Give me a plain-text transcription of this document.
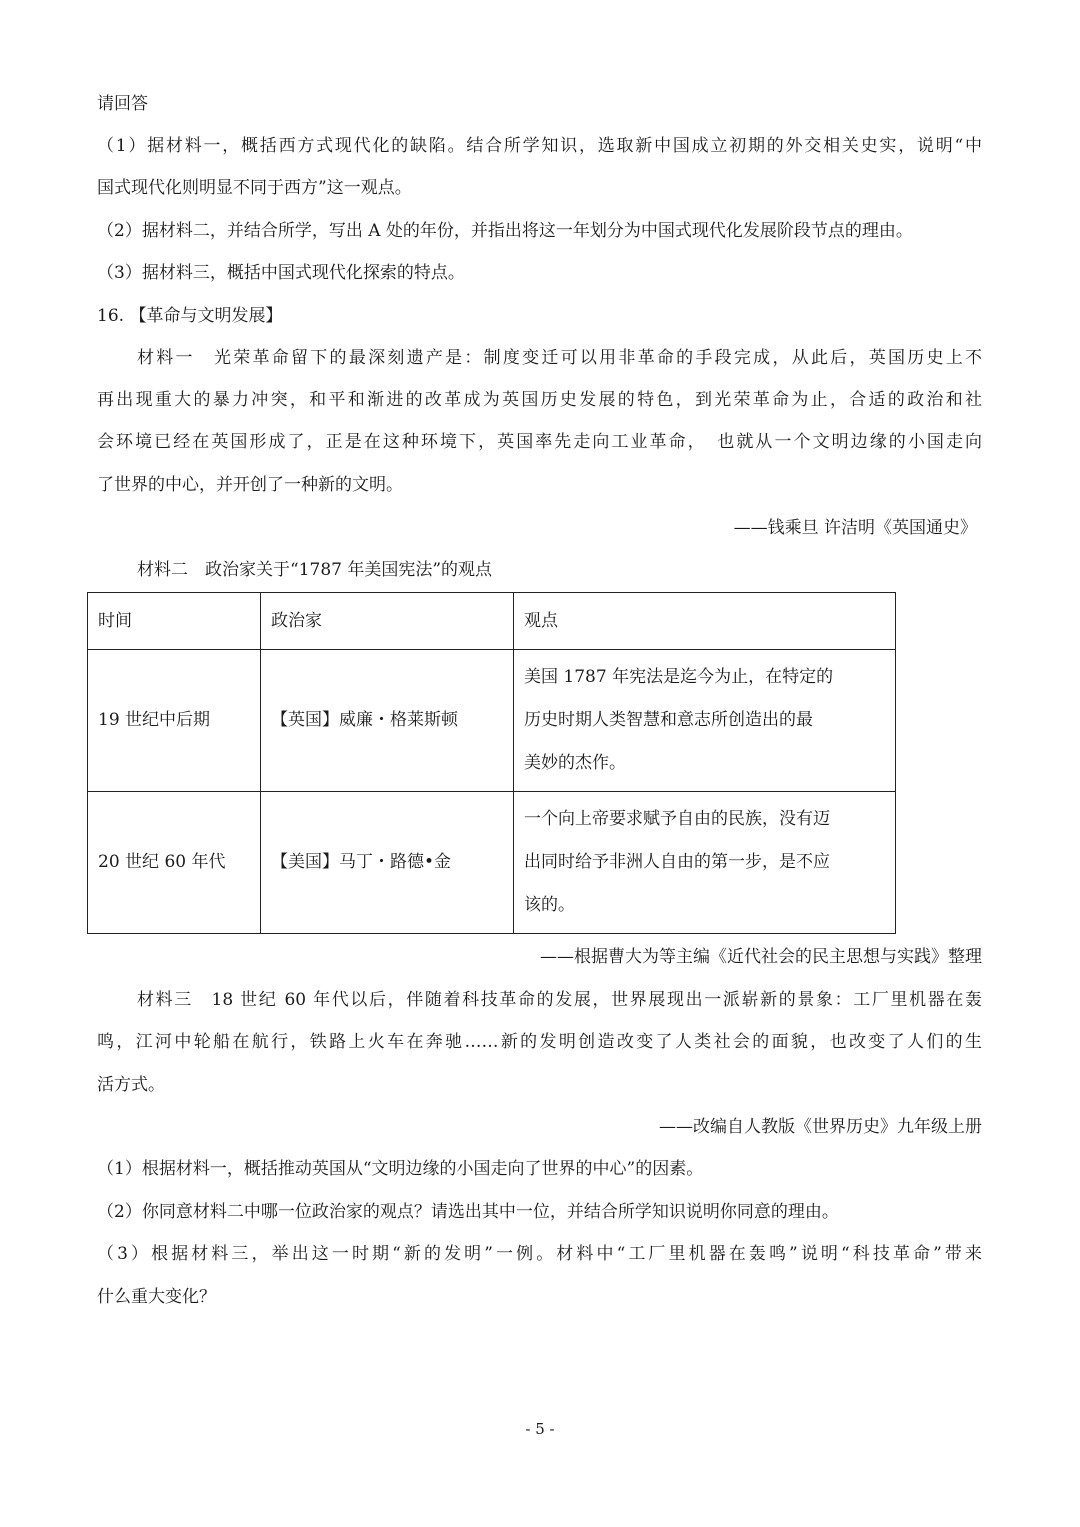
请回答
（1）据材料一，概括西方式现代化的缺陷。结合所学知识，选取新中国成立初期的外交相关史实，说明“中
国式现代化则明显不同于西方”这一观点。
（2）据材料二，并结合所学，写出 A 处的年份，并指出将这一年划分为中国式现代化发展阶段节点的理由。
（3）据材料三，概括中国式现代化探索的特点。
16. 【革命与文明发展】
材料一　光荣革命留下的最深刻遗产是：制度变迁可以用非革命的手段完成，从此后，英国历史上不
再出现重大的暴力冲突，和平和渐进的改革成为英国历史发展的特色，到光荣革命为止，合适的政治和社
会环境已经在英国形成了，正是在这种环境下，英国率先走向工业革命，　也就从一个文明边缘的小国走向
了世界的中心，并开创了一种新的文明。
——钱乘旦 许洁明《英国通史》
材料二　政治家关于“1787 年美国宪法”的观点
时间	政治家	观点
19 世纪中后期	【英国】威廉・格莱斯顿	美国 1787 年宪法是迄今为止，在特定的
历史时期人类智慧和意志所创造出的最
美妙的杰作。

20 世纪 60 年代	【美国】马丁・路德•金	一个向上帝要求赋予自由的民族，没有迈
出同时给予非洲人自由的第一步，是不应
该的。
——根据曹大为等主编《近代社会的民主思想与实践》整理
材料三　18 世纪 60 年代以后，伴随着科技革命的发展，世界展现出一派崭新的景象：工厂里机器在轰
鸣，江河中轮船在航行，铁路上火车在奔驰……新的发明创造改变了人类社会的面貌，也改变了人们的生
活方式。
——改编自人教版《世界历史》九年级上册
（1）根据材料一，概括推动英国从“文明边缘的小国走向了世界的中心”的因素。
（2）你同意材料二中哪一位政治家的观点？请选出其中一位，并结合所学知识说明你同意的理由。
（3）根据材料三，举出这一时期“新的发明”一例。材料中“工厂里机器在轰鸣”说明“科技革命”带来
什么重大变化？
- 5 -
